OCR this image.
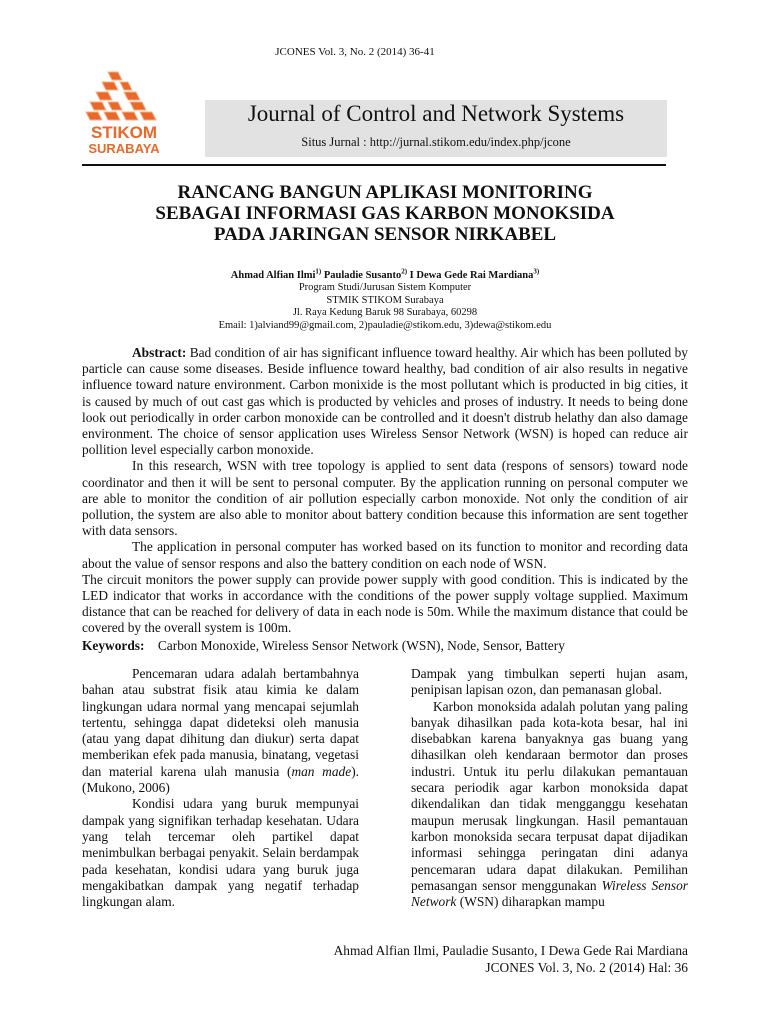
STIKOM
SURABAYA
JCONES Vol. 3, No. 2 (2014) 36-41
Journal of Control and Network Systems
Situs Jurnal : http://jurnal.stikom.edu/index.php/jcone
RANCANG BANGUN APLIKASI MONITORING
SEBAGAI INFORMASI GAS KARBON MONOKSIDA
PADA JARINGAN SENSOR NIRKABEL
Ahmad Alfian Ilmi$^{1)}$ Pauladie Susanto$^{2)}$ I Dewa Gede Rai Mardiana$^{3)}$
Program Studi/Jurusan Sistem Komputer
STMIK STIKOM Surabaya
Jl. Raya Kedung Baruk 98 Surabaya, 60298
Email: 1)alviand99@gmail.com, 2)pauladie@stikom.edu, 3)dewa@stikom.edu

Abstract: Bad condition of air has significant influence toward healthy. Air which has been polluted by particle can cause some diseases. Beside influence toward healthy, bad condition of air also results in negative influence toward nature environment. Carbon monixide is the most pollutant which is producted in big cities, it is caused by much of out cast gas which is producted by vehicles and proses of industry. It needs to being done look out periodically in order carbon monoxide can be controlled and it doesn't distrub helathy dan also damage environment. The choice of sensor application uses Wireless Sensor Network (WSN) is hoped can reduce air pollition level especially carbon monoxide.

In this research, WSN with tree topology is applied to sent data (respons of sensors) toward node coordinator and then it will be sent to personal computer. By the application running on personal computer we are able to monitor the condition of air pollution especially carbon monoxide. Not only the condition of air pollution, the system are also able to monitor about battery condition because this information are sent together with data sensors.

The application in personal computer has worked based on its function to monitor and recording data about the value of sensor respons and also the battery condition on each node of WSN.

The circuit monitors the power supply can provide power supply with good condition. This is indicated by the LED indicator that works in accordance with the conditions of the power supply voltage supplied. Maximum distance that can be reached for delivery of data in each node is 50m. While the maximum distance that could be covered by the overall system is 100m.

Keywords: Carbon Monoxide, Wireless Sensor Network (WSN), Node, Sensor, Battery

Pencemaran udara adalah bertambahnya bahan atau substrat fisik atau kimia ke dalam lingkungan udara normal yang mencapai sejumlah tertentu, sehingga dapat dideteksi oleh manusia (atau yang dapat dihitung dan diukur) serta dapat memberikan efek pada manusia, binatang, vegetasi dan material karena ulah manusia (man made). (Mukono, 2006)

Kondisi udara yang buruk mempunyai dampak yang signifikan terhadap kesehatan. Udara yang telah tercemar oleh partikel dapat menimbulkan berbagai penyakit. Selain berdampak pada kesehatan, kondisi udara yang buruk juga mengakibatkan dampak yang negatif terhadap lingkungan alam.

Dampak yang timbulkan seperti hujan asam, penipisan lapisan ozon, dan pemanasan global.

Karbon monoksida adalah polutan yang paling banyak dihasilkan pada kota-kota besar, hal ini disebabkan karena banyaknya gas buang yang dihasilkan oleh kendaraan bermotor dan proses industri. Untuk itu perlu dilakukan pemantauan secara periodik agar karbon monoksida dapat dikendalikan dan tidak mengganggu kesehatan maupun merusak lingkungan. Hasil pemantauan karbon monoksida secara terpusat dapat dijadikan informasi sehingga peringatan dini adanya pencemaran udara dapat dilakukan. Pemilihan pemasangan sensor menggunakan Wireless Sensor Network (WSN) diharapkan mampu

Ahmad Alfian Ilmi, Pauladie Susanto, I Dewa Gede Rai Mardiana
JCONES Vol. 3, No. 2 (2014) Hal: 36
